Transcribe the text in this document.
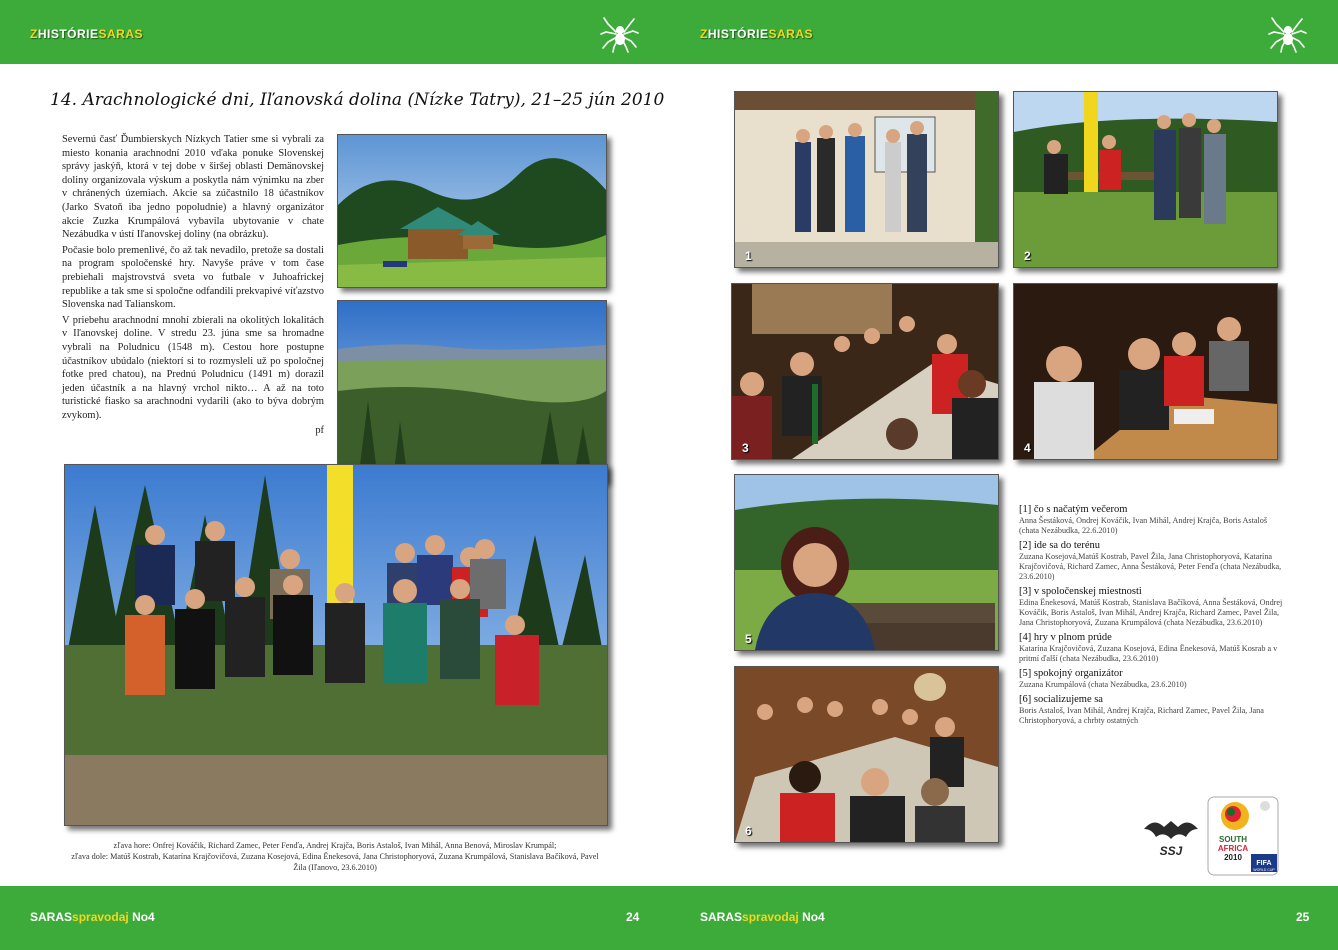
ZHISTÓRIESARAS	ZHISTÓRIESARAS
14. Arachnologické dni, Iľanovská dolina (Nízke Tatry), 21–25 jún 2010

Severnú časť Ďumbierskych Nízkych Tatier sme si vybrali za miesto konania arachnodní 2010 vďaka ponuke Slovenskej správy jaskýň, ktorá v tej dobe v širšej oblasti Demänovskej doliny organizovala výskum a poskytla nám výnimku na zber v chránených územiach. Akcie sa zúčastnilo 18 účastníkov (Jarko Svatoň iba jedno popoludnie) a hlavný organizátor akcie Zuzka Krumpálová vybavila ubytovanie v chate Nezábudka v ústí Iľanovskej doliny (na obrázku).

Počasie bolo premenlivé, čo až tak nevadilo, pretože sa dostali na program spoločenské hry. Navyše práve v tom čase prebiehali majstrovstvá sveta vo futbale v Juhoafrickej republike a tak sme si spoločne odfandili prekvapivé víťazstvo Slovenska nad Talianskom.

V priebehu arachnodní mnohí zbierali na okolitých lokalitách v Iľanovskej doline. V stredu 23. júna sme sa hromadne vybrali na Poludnicu (1548 m). Cestou hore postupne účastníkov ubúdalo (niektorí si to rozmysleli už po spoločnej fotke pred chatou), na Prednú Poludnicu (1491 m) dorazil jeden účastník a na hlavný vrchol nikto… A až na toto turistické fiasko sa arachnodni vydarili (ako to býva dobrým zvykom).

pf
zľava hore: Onfrej Kováčik, Richard Zamec, Peter Fenďa, Andrej Krajča, Boris Astaloš, Ivan Mihál, Anna Benová, Miroslav Krumpál;
zľava dole: Matúš Kostrab, Katarína Krajčovičová, Zuzana Kosejová, Edina Ёnekesová, Jana Christophoryová, Zuzana Krumpálová, Stanislava Bačíková, Pavel Žila (Iľanovo, 23.6.2010)
1	2
3	4
5
6
[1] čo s načatým večerom
Anna Šestáková, Ondrej Kováčik, Ivan Mihál, Andrej Krajča, Boris Astaloš (chata Nezábudka, 22.6.2010)
[2] ide sa do terénu
Zuzana Kosejová,Matúš Kostrab, Pavel Žila, Jana Christophoryová, Katarína Krajčovičová, Richard Zamec, Anna Šestáková, Peter Fenďa (chata Nezábudka, 23.6.2010)
[3] v spoločenskej miestnosti
Edina Ёnekesová, Matúš Kostrab, Stanislava Bačíková, Anna Šestáková, Ondrej Kováčik, Boris Astaloš, Ivan Mihál, Andrej Krajča, Richard Zamec, Pavel Žila, Jana Christophoryová, Zuzana Krumpálová (chata Nezábudka, 23.6.2010)
[4] hry v plnom prúde
Katarína Krajčovičová, Zuzana Kosejová, Edina Ёnekesová, Matúš Kosrab a v pritmí ďalší (chata Nezábudka, 23.6.2010)
[5] spokojný organizátor
Zuzana Krumpálová (chata Nezábudka, 23.6.2010)
[6] socializujeme sa
Boris Astaloš, Ivan Mihál, Andrej Krajča, Richard Zamec, Pavel Žila, Jana Christophoryová, a chrbty ostatných
SSJ
SOUTH
AFRICA
2010
FIFA
WORLD CUP
SARASspravodaj No4	24	SARASspravodaj No4	25
